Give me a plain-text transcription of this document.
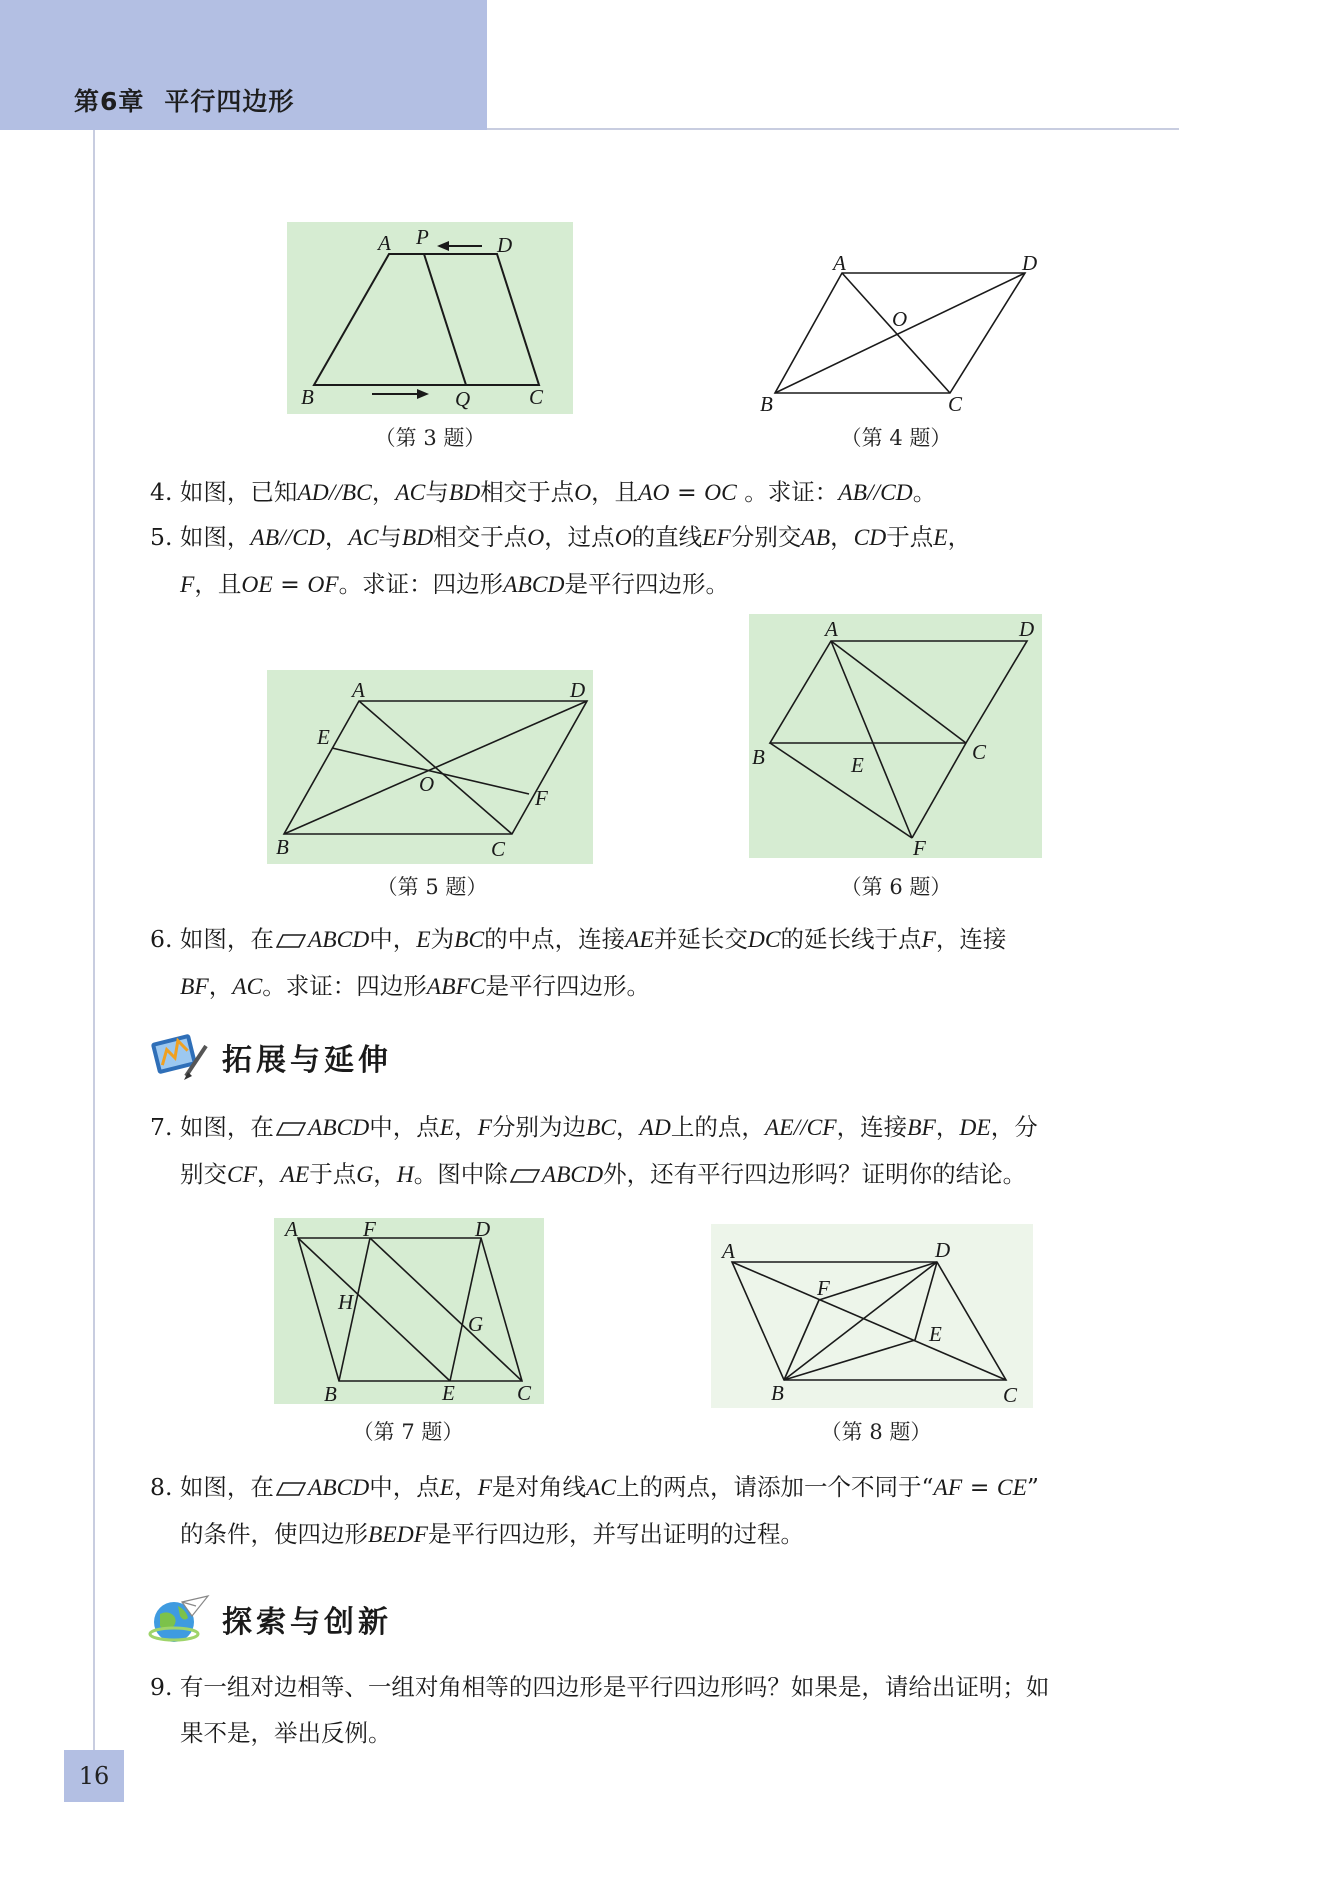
第6章 平行四边形
A P	D
B	Q	C
（第 3 题）
A	D
O
B	C
（第 4 题）
4. 如图，已知AD//BC，AC与BD相交于点O，且AO = OC 。求证：AB//CD。
5. 如图，AB//CD，AC与BD相交于点O，过点O的直线EF分别交AB，CD于点E，
F，且OE = OF。求证：四边形ABCD是平行四边形。
A	D
E
O
F
B	C
（第 5 题）
A	D
B	C
E
F
（第 6 题）
6. 如图，在 ABCD中，E为BC的中点，连接AE并延长交DC的延长线于点F，连接
BF，AC。求证：四边形ABFC是平行四边形。
拓展与延伸
7. 如图，在 ABCD中，点E，F分别为边BC，AD上的点，AE//CF，连接BF，DE，分
别交CF，AE于点G，H。图中除 ABCD外，还有平行四边形吗？证明你的结论。
A	F	D
H
G
B	E	C
（第 7 题）
A	D
F
E
B	C
（第 8 题）
8. 如图，在 ABCD中，点E，F是对角线AC上的两点，请添加一个不同于“AF = CE”
的条件，使四边形BEDF是平行四边形，并写出证明的过程。
探索与创新
9. 有一组对边相等、一组对角相等的四边形是平行四边形吗？如果是，请给出证明；如
果不是，举出反例。
16
